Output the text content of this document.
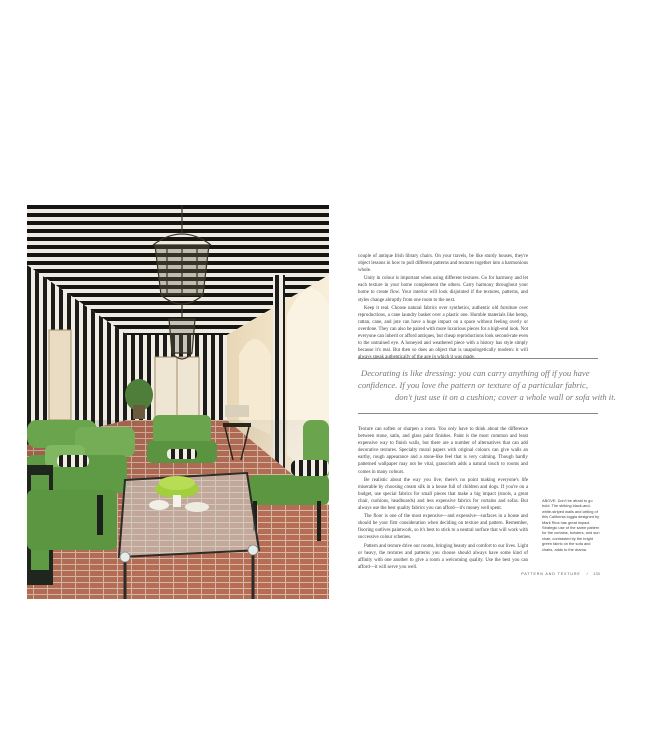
couple of antique Irish library chairs. On your travels, be like sturdy houses, they're object lessons in how to pull different patterns and textures together into a harmonious whole.

Unity in colour is important when using different textures. Go for harmony and let each texture in your home complement the others. Carry harmony throughout your home to create flow. Your interior will look disjointed if the textures, patterns, and styles change abruptly from one room to the next.

Keep it real. Choose natural fabrics over synthetics, authentic old furniture over reproductions, a cane laundry basket over a plastic one. Humble materials like hemp, rattan, cane, and jute can have a huge impact on a space without feeling overly or overdone. They can also be paired with more luxurious pieces for a high-end look. Not everyone can inherit or afford antiques, but cheap reproductions look second-rate even to the untrained eye. A honeyed and weathered piece with a history has style simply because it's real. But then so does an object that is unapologetically modern: it will always speak authentically of the age in which it was made.

Decorating is like dressing: you can carry anything off if you have
confidence. If you love the pattern or texture of a particular fabric,
don't just use it on a cushion; cover a whole wall or sofa with it.

Texture can soften or sharpen a room. You only have to think about the difference between stone, satin, and glass paint finishes. Paint is the most common and least expensive way to finish walls, but there are a number of alternatives that can add decorative textures. Specialty mural papers with original colours can give walls an earthy, rough appearance and a stone-like feel that is very calming. Though hardly patterned wallpaper may not be vital, grasscloth adds a natural touch to rooms and comes in many colours.

Be realistic about the way you live; there's no point making everyone's life miserable by choosing cream silk in a house full of children and dogs. If you're on a budget, use special fabrics for small pieces that make a big impact (stools, a great chair, cushions, headboards) and less expensive fabrics for curtains and sofas. But always use the best quality fabrics you can afford—it's money well spent.

The floor is one of the most expensive—and expensive—surfaces in a house and should be your first consideration when deciding on texture and pattern. Remember, flooring outlives paintwork, so it's best to stick to a neutral surface that will work with successive colour schemes.

Pattern and texture drive our rooms, bringing beauty and comfort to our lives. Light or heavy, the textures and patterns you choose should always have some kind of affinity with one another to give a room a welcoming quality. Use the best you can afford—it will serve you well.

ABOVE: Don't be afraid to go bold. The striking black-and-white-striped walls and ceiling of this California loggia designed by Mark Rios has great impact. Strategic use of the same pattern for the curtains, bolsters, and sun chair, contrasted by the bright green fabric on the sofa and chairs, adds to the drama.
PATTERN AND TEXTURE / 133
